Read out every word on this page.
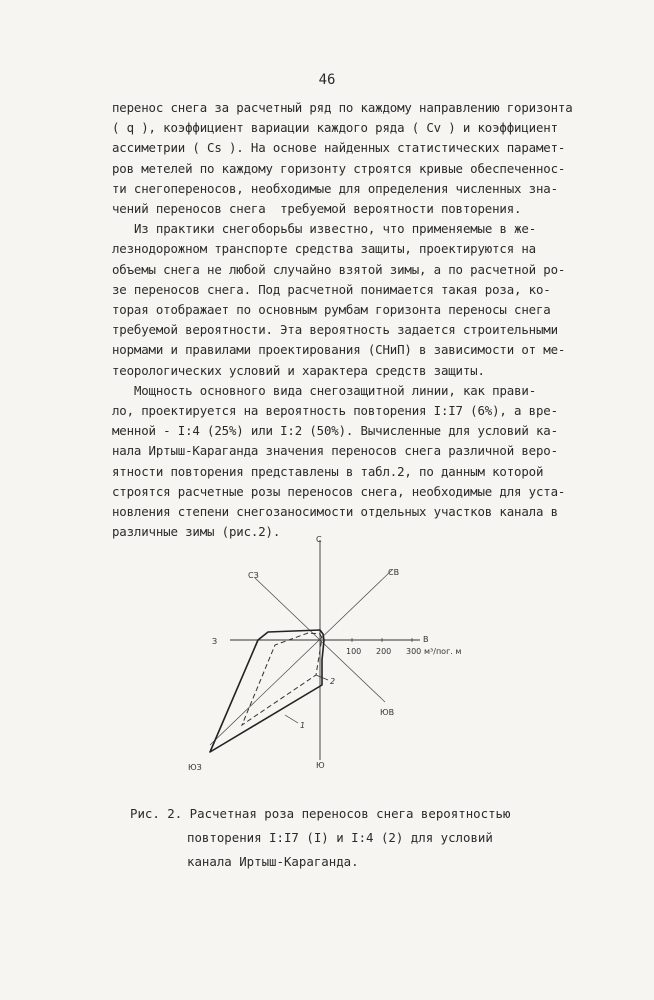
46
перенос снега за расчетный ряд по каждому направлению горизонта
( q ), коэффициент вариации каждого ряда ( Cv ) и коэффициент
ассиметрии ( Cs ). На основе найденных статистических парамет-
ров метелей по каждому горизонту строятся кривые обеспеченнос-
ти снегопереносов, необходимые для определения численных зна-
чений переносов снега  требуемой вероятности повторения.
Из практики снегоборьбы известно, что применяемые в же-
лезнодорожном транспорте средства защиты, проектируются на
объемы снега не любой случайно взятой зимы, а по расчетной ро-
зе переносов снега. Под расчетной понимается такая роза, ко-
торая отображает по основным румбам горизонта переносы снега
требуемой вероятности. Эта вероятность задается строительными
нормами и правилами проектирования (СНиП) в зависимости от ме-
теорологических условий и характера средств защиты.
Мощность основного вида снегозащитной линии, как прави-
ло, проектируется на вероятность повторения I:I7 (6%), а вре-
менной - I:4 (25%) или I:2 (50%). Вычисленные для условий ка-
нала Иртыш-Караганда значения переносов снега различной веро-
ятности повторения представлены в табл.2, по данным которой
строятся расчетные розы переносов снега, необходимые для уста-
новления степени снегозаносимости отдельных участков канала в
различные зимы (рис.2).
С
СВ
В
ЮВ
Ю
ЮЗ
З
СЗ
100 200 300 м³/пог. м
1
2
Рис. 2. Расчетная роза переносов снега вероятностью
повторения I:I7 (I) и I:4 (2) для условий
канала Иртыш-Караганда.
